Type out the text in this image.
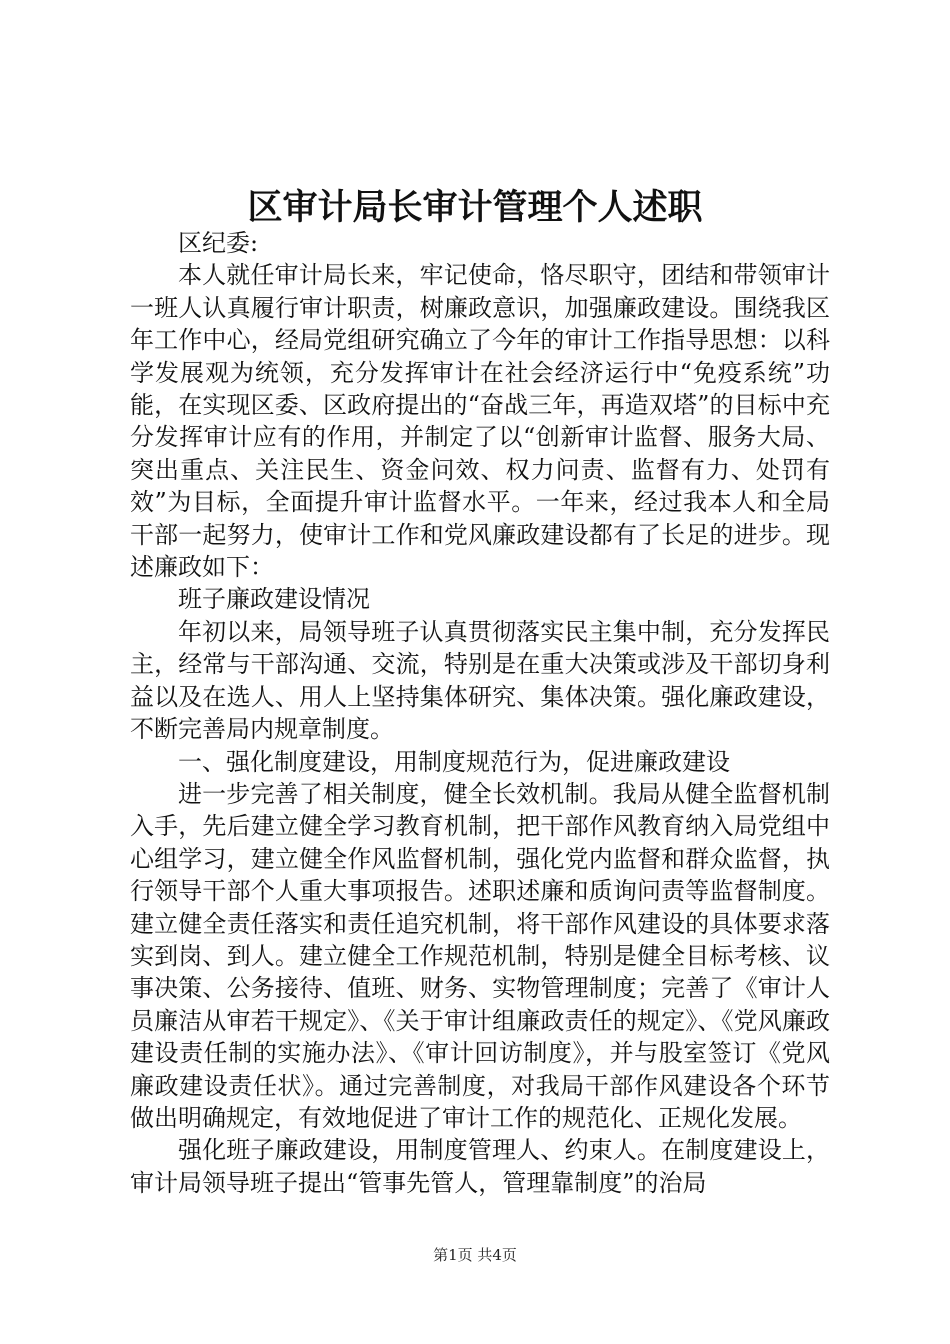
区审计局长审计管理个人述职

区纪委:

本人就任审计局长来，牢记使命，恪尽职守，团结和带领审计一班人认真履行审计职责，树廉政意识，加强廉政建设。围绕我区年工作中心，经局党组研究确立了今年的审计工作指导思想：以科学发展观为统领，充分发挥审计在社会经济运行中“免疫系统”功能，在实现区委、区政府提出的“奋战三年，再造双塔”的目标中充分发挥审计应有的作用，并制定了以“创新审计监督、服务大局、突出重点、关注民生、资金问效、权力问责、监督有力、处罚有效”为目标，全面提升审计监督水平。一年来，经过我本人和全局干部一起努力，使审计工作和党风廉政建设都有了长足的进步。现述廉政如下：

班子廉政建设情况

年初以来，局领导班子认真贯彻落实民主集中制，充分发挥民主，经常与干部沟通、交流，特别是在重大决策或涉及干部切身利益以及在选人、用人上坚持集体研究、集体决策。强化廉政建设，不断完善局内规章制度。

一、强化制度建设，用制度规范行为，促进廉政建设

进一步完善了相关制度，健全长效机制。我局从健全监督机制入手，先后建立健全学习教育机制，把干部作风教育纳入局党组中心组学习，建立健全作风监督机制，强化党内监督和群众监督，执行领导干部个人重大事项报告。述职述廉和质询问责等监督制度。建立健全责任落实和责任追究机制，将干部作风建设的具体要求落实到岗、到人。建立健全工作规范机制，特别是健全目标考核、议事决策、公务接待、值班、财务、实物管理制度；完善了《审计人员廉洁从审若干规定》、《关于审计组廉政责任的规定》、《党风廉政建设责任制的实施办法》、《审计回访制度》，并与股室签订《党风廉政建设责任状》。通过完善制度，对我局干部作风建设各个环节做出明确规定，有效地促进了审计工作的规范化、正规化发展。

强化班子廉政建设，用制度管理人、约束人。在制度建设上，审计局领导班子提出“管事先管人，管理靠制度”的治局

第1页 共4页
